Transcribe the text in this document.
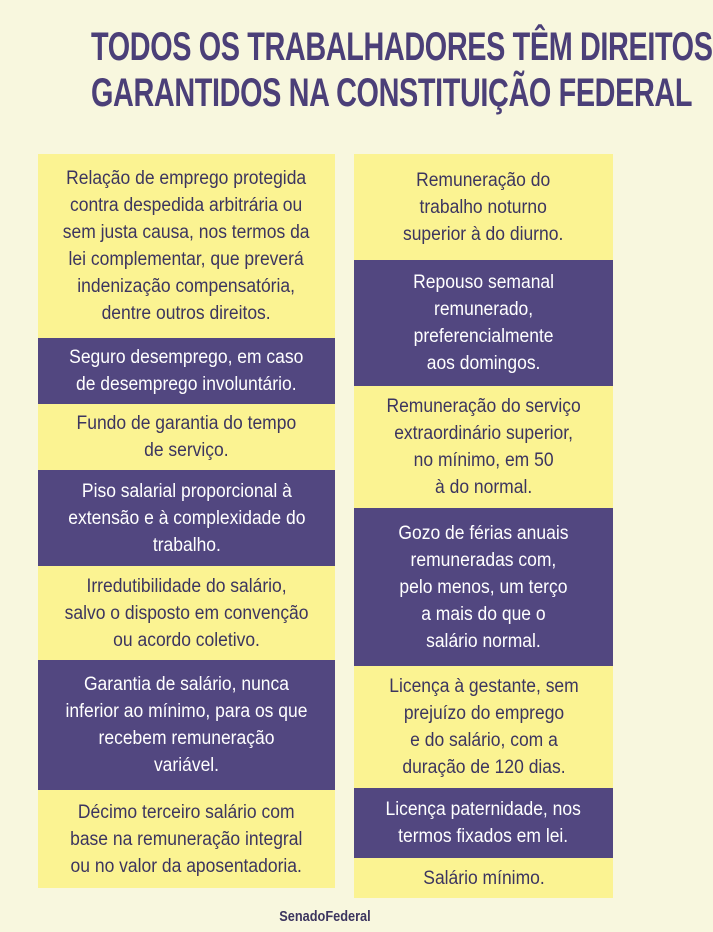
TODOS OS TRABALHADORES TÊM DIREITOS
GARANTIDOS NA CONSTITUIÇÃO FEDERAL
Relação de emprego protegida
contra despedida arbitrária ou
sem justa causa, nos termos da
lei complementar, que preverá
indenização compensatória,
dentre outros direitos.
Seguro desemprego, em caso
de desemprego involuntário.
Fundo de garantia do tempo
de serviço.
Piso salarial proporcional à
extensão e à complexidade do
trabalho.
Irredutibilidade do salário,
salvo o disposto em convenção
ou acordo coletivo.
Garantia de salário, nunca
inferior ao mínimo, para os que
recebem remuneração
variável.
Décimo terceiro salário com
base na remuneração integral
ou no valor da aposentadoria.
Remuneração do
trabalho noturno
superior à do diurno.
Repouso semanal
remunerado,
preferencialmente
aos domingos.
Remuneração do serviço
extraordinário superior,
no mínimo, em 50
à do normal.
Gozo de férias anuais
remuneradas com,
pelo menos, um terço
a mais do que o
salário normal.
Licença à gestante, sem
prejuízo do emprego
e do salário, com a
duração de 120 dias.
Licença paternidade, nos
termos fixados em lei.
Salário mínimo.
SenadoFederal
